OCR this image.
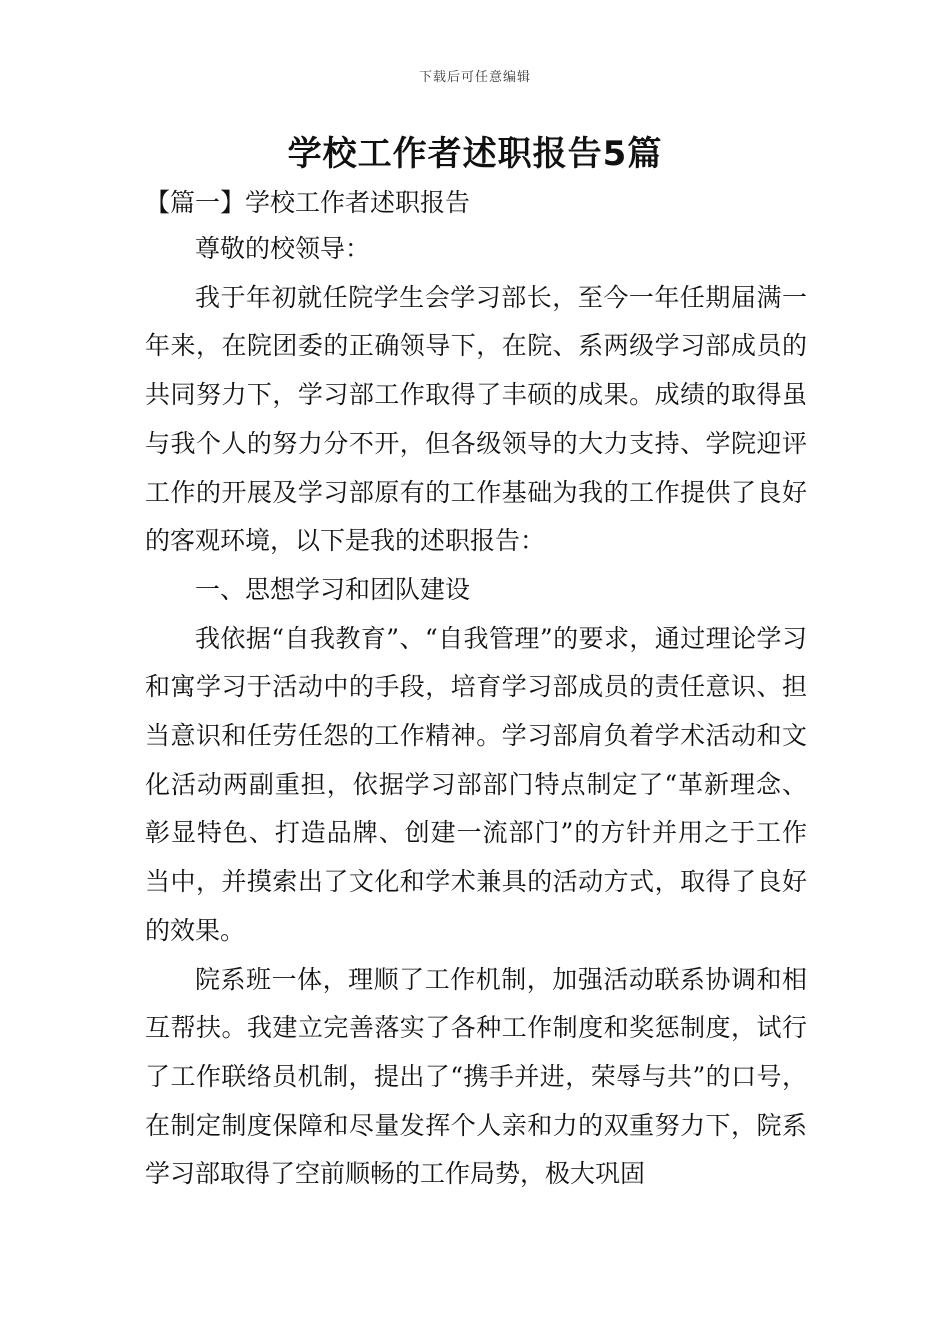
下载后可任意编辑
学校工作者述职报告5篇
【篇一】学校工作者述职报告

尊敬的校领导：

我于年初就任院学生会学习部长，至今一年任期届满一年来，在院团委的正确领导下，在院、系两级学习部成员的共同努力下，学习部工作取得了丰硕的成果。成绩的取得虽与我个人的努力分不开，但各级领导的大力支持、学院迎评工作的开展及学习部原有的工作基础为我的工作提供了良好的客观环境，以下是我的述职报告：

一、思想学习和团队建设

我依据“自我教育”、“自我管理”的要求，通过理论学习和寓学习于活动中的手段，培育学习部成员的责任意识、担当意识和任劳任怨的工作精神。学习部肩负着学术活动和文化活动两副重担，依据学习部部门特点制定了“革新理念、彰显特色、打造品牌、创建一流部门”的方针并用之于工作当中，并摸索出了文化和学术兼具的活动方式，取得了良好的效果。

院系班一体，理顺了工作机制，加强活动联系协调和相互帮扶。我建立完善落实了各种工作制度和奖惩制度，试行了工作联络员机制，提出了“携手并进，荣辱与共”的口号，在制定制度保障和尽量发挥个人亲和力的双重努力下，院系学习部取得了空前顺畅的工作局势，极大巩固
